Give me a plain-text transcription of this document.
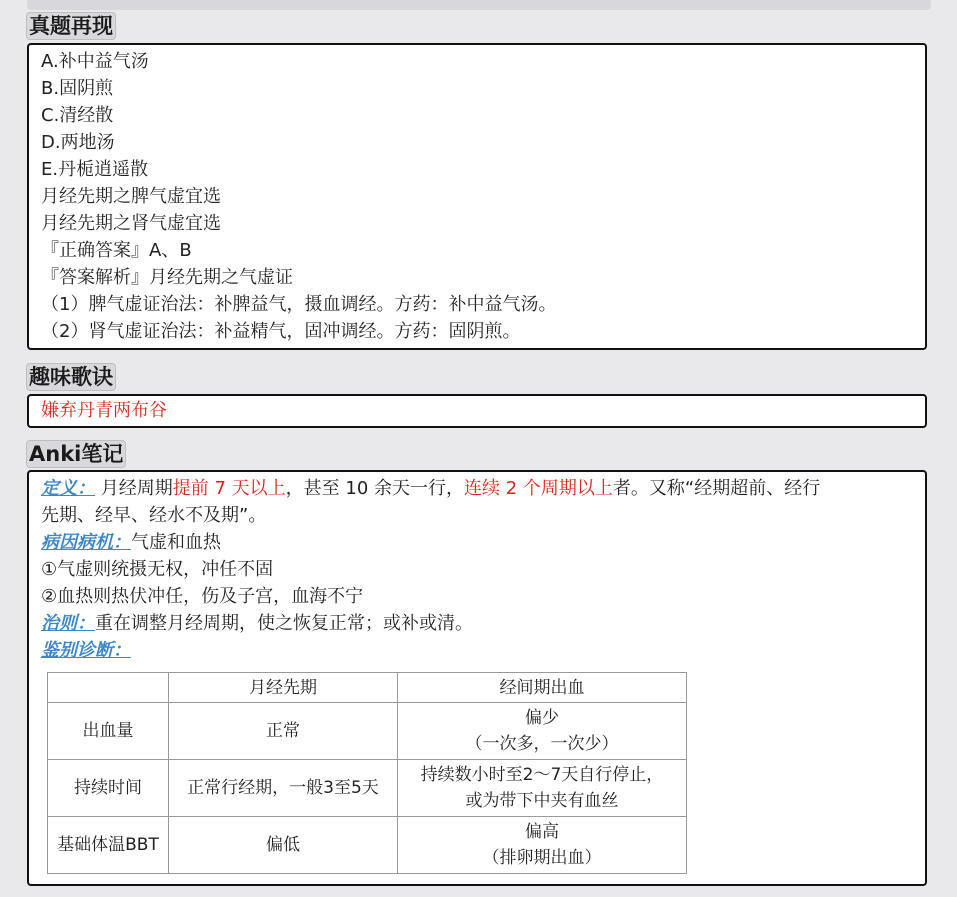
真题再现
A.补中益气汤
B.固阴煎
C.清经散
D.两地汤
E.丹栀逍遥散
月经先期之脾气虚宜选
月经先期之肾气虚宜选
『正确答案』A、B
『答案解析』月经先期之气虚证
（1）脾气虚证治法：补脾益气，摄血调经。方药：补中益气汤。
（2）肾气虚证治法：补益精气，固冲调经。方药：固阴煎。
趣味歌诀
嫌弃丹青两布谷
Anki笔记
定义： 月经周期提前 7 天以上，甚至 10 余天一行，连续 2 个周期以上者。又称“经期超前、经行
先期、经早、经水不及期”。
病因病机：气虚和血热
①气虚则统摄无权，冲任不固
②血热则热伏冲任，伤及子宫，血海不宁
治则：重在调整月经周期，使之恢复正常；或补或清。
鉴别诊断：
	月经先期	经间期出血
出血量	正常	偏少
（一次多，一次少）

持续时间	正常行经期，一般3至5天	持续数小时至2～7天自行停止，
或为带下中夹有血丝

基础体温BBT	偏低	偏高
（排卵期出血）
